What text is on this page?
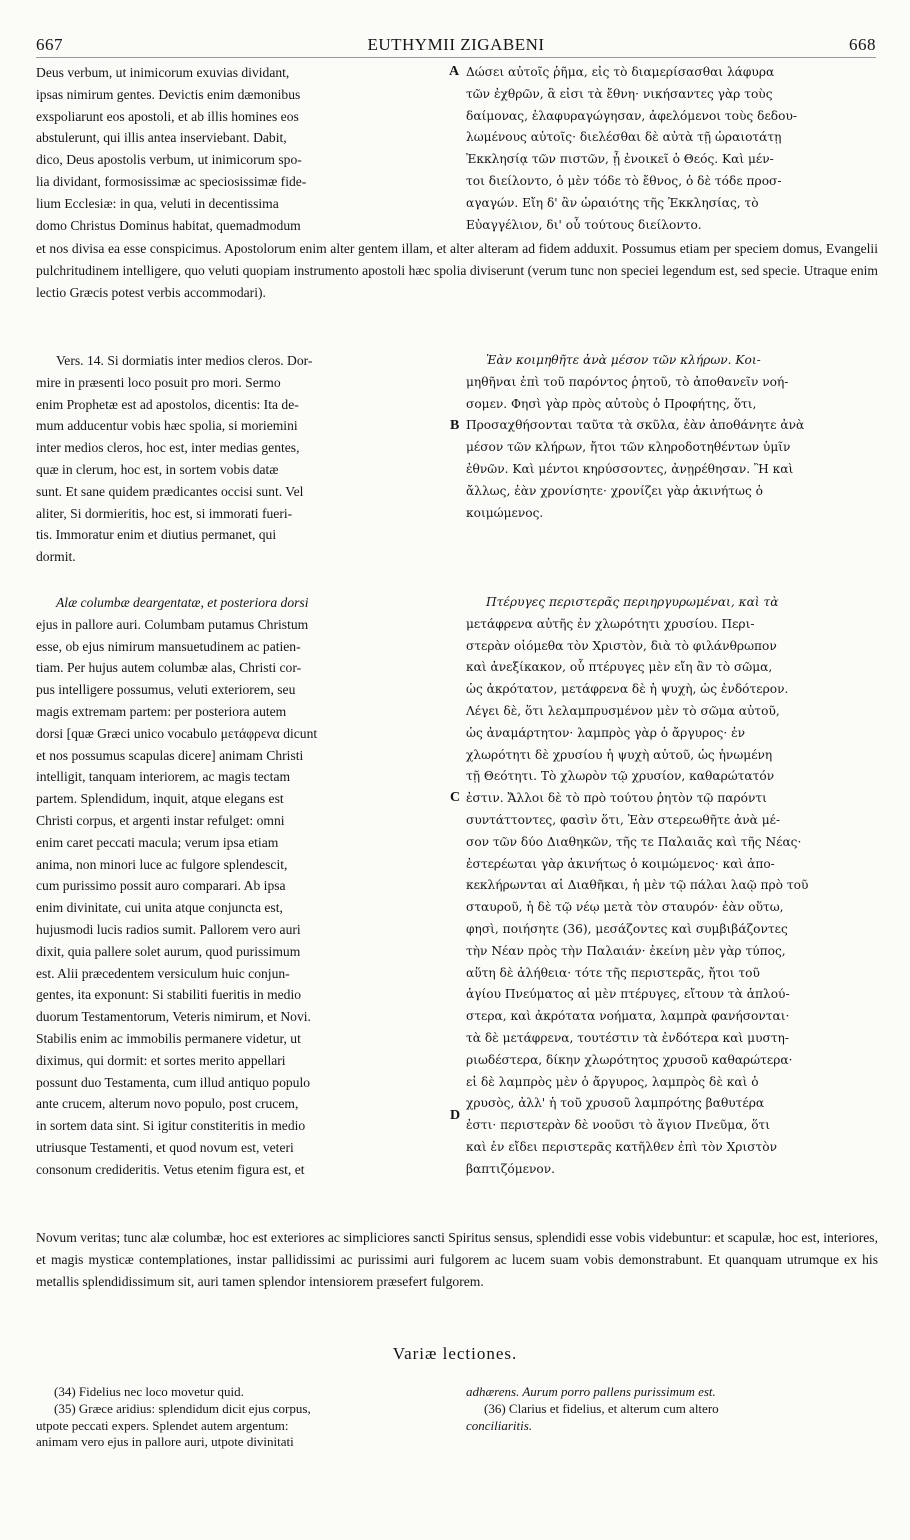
667	EUTHYMII ZIGABENI	668
Deus verbum, ut inimicorum exuvias dividant,
ipsas nimirum gentes. Devictis enim dæmonibus
exspoliarunt eos apostoli, et ab illis homines eos
abstulerunt, qui illis antea inserviebant. Dabit,
dico, Deus apostolis verbum, ut inimicorum spo-
lia dividant, formosissimæ ac speciosissimæ fide-
lium Ecclesiæ: in qua, veluti in decentissima
domo Christus Dominus habitat, quemadmodum
A Δώσει αὐτοῖς ῥῆμα, εἰς τὸ διαμερίσασθαι λάφυρα
τῶν ἐχθρῶν, ἃ εἰσι τὰ ἔθνη· νικήσαντες γὰρ τοὺς
δαίμονας, ἐλαφυραγώγησαν, ἀφελόμενοι τοὺς δεδου-
λωμένους αὐτοῖς· διελέσθαι δὲ αὐτὰ τῇ ὡραιοτάτῃ
Ἐκκλησίᾳ τῶν πιστῶν, ᾗ ἐνοικεῖ ὁ Θεός. Καὶ μέν-
τοι διείλοντο, ὁ μὲν τόδε τὸ ἔθνος, ὁ δὲ τόδε προσ-
αγαγών. Εἴη δ' ἂν ὡραιότης τῆς Ἐκκλησίας, τὸ
Εὐαγγέλιον, δι' οὗ τούτους διείλοντο.

et nos divisa ea esse conspicimus. Apostolorum enim alter gentem illam, et alter alteram ad fidem adduxit. Possumus etiam per speciem domus, Evangelii pulchritudinem intelligere, quo veluti quopiam instrumento apostoli hæc spolia diviserunt (verum tunc non speciei legendum est, sed specie. Utraque enim lectio Græcis potest verbis accommodari).

Vers. 14. Si dormiatis inter medios cleros. Dor-
mire in præsenti loco posuit pro mori. Sermo
enim Prophetæ est ad apostolos, dicentis: Ita de-
mum adducentur vobis hæc spolia, si moriemini
inter medios cleros, hoc est, inter medias gentes,
quæ in clerum, hoc est, in sortem vobis datæ
sunt. Et sane quidem prædicantes occisi sunt. Vel
aliter, Si dormieritis, hoc est, si immorati fueri-
tis. Immoratur enim et diutius permanet, qui
dormit.
B
Ἐὰν κοιμηθῆτε ἀνὰ μέσον τῶν κλήρων. Κοι-
μηθῆναι ἐπὶ τοῦ παρόντος ῥητοῦ, τὸ ἀποθανεῖν νοή-
σομεν. Φησὶ γὰρ πρὸς αὐτοὺς ὁ Προφήτης, ὅτι,
Προσαχθήσονται ταῦτα τὰ σκῦλα, ἐὰν ἀποθάνητε ἀνὰ
μέσον τῶν κλήρων, ἤτοι τῶν κληροδοτηθέντων ὑμῖν
ἐθνῶν. Καὶ μέντοι κηρύσσοντες, ἀνῃρέθησαν. Ἢ καὶ
ἄλλως, ἐὰν χρονίσητε· χρονίζει γὰρ ἀκινήτως ὁ
κοιμώμενος.
Alæ columbæ deargentatæ, et posteriora dorsi
ejus in pallore auri. Columbam putamus Christum
esse, ob ejus nimirum mansuetudinem ac patien-
tiam. Per hujus autem columbæ alas, Christi cor-
pus intelligere possumus, veluti exteriorem, seu
magis extremam partem: per posteriora autem
dorsi [quæ Græci unico vocabulo μετάφρενα dicunt
et nos possumus scapulas dicere] animam Christi
intelligit, tanquam interiorem, ac magis tectam
partem. Splendidum, inquit, atque elegans est
Christi corpus, et argenti instar refulget: omni
enim caret peccati macula; verum ipsa etiam
anima, non minori luce ac fulgore splendescit,
cum purissimo possit auro comparari. Ab ipsa
enim divinitate, cui unita atque conjuncta est,
hujusmodi lucis radios sumit. Pallorem vero auri
dixit, quia pallere solet aurum, quod purissimum
est. Alii præcedentem versiculum huic conjun-
gentes, ita exponunt: Si stabiliti fueritis in medio
duorum Testamentorum, Veteris nimirum, et Novi.
Stabilis enim ac immobilis permanere videtur, ut
diximus, qui dormit: et sortes merito appellari
possunt duo Testamenta, cum illud antiquo populo
ante crucem, alterum novo populo, post crucem,
in sortem data sint. Si igitur constiteritis in medio
utriusque Testamenti, et quod novum est, veteri
consonum credideritis. Vetus etenim figura est, et
C
D
Πτέρυγες περιστερᾶς περιηργυρωμέναι, καὶ τὰ
μετάφρενα αὐτῆς ἐν χλωρότητι χρυσίου. Περι-
στερὰν οἰόμεθα τὸν Χριστὸν, διὰ τὸ φιλάνθρωπον
καὶ ἀνεξίκακον, οὗ πτέρυγες μὲν εἴη ἂν τὸ σῶμα,
ὡς ἀκρότατον, μετάφρενα δὲ ἡ ψυχὴ, ὡς ἐνδότερον.
Λέγει δὲ, ὅτι λελαμπρυσμένον μὲν τὸ σῶμα αὐτοῦ,
ὡς ἀναμάρτητον· λαμπρὸς γὰρ ὁ ἄργυρος· ἐν
χλωρότητι δὲ χρυσίου ἡ ψυχὴ αὐτοῦ, ὡς ἡνωμένη
τῇ Θεότητι. Τὸ χλωρὸν τῷ χρυσίον, καθαρώτατόν
ἐστιν. Ἄλλοι δὲ τὸ πρὸ τούτου ῥητὸν τῷ παρόντι
συντάττοντες, φασὶν ὅτι, Ἐὰν στερεωθῆτε ἀνὰ μέ-
σον τῶν δύο Διαθηκῶν, τῆς τε Παλαιᾶς καὶ τῆς Νέας·
ἐστερέωται γὰρ ἀκινήτως ὁ κοιμώμενος· καὶ ἀπο-
κεκλήρωνται αἱ Διαθῆκαι, ἡ μὲν τῷ πάλαι λαῷ πρὸ τοῦ
σταυροῦ, ἡ δὲ τῷ νέῳ μετὰ τὸν σταυρόν· ἐὰν οὕτω,
φησὶ, ποιήσητε (36), μεσάζοντες καὶ συμβιβάζοντες
τὴν Νέαν πρὸς τὴν Παλαιάν· ἐκείνη μὲν γὰρ τύπος,
αὕτη δὲ ἀλήθεια· τότε τῆς περιστερᾶς, ἤτοι τοῦ
ἁγίου Πνεύματος αἱ μὲν πτέρυγες, εἴτουν τὰ ἁπλού-
στερα, καὶ ἀκρότατα νοήματα, λαμπρὰ φανήσονται·
τὰ δὲ μετάφρενα, τουτέστιν τὰ ἐνδότερα καὶ μυστη-
ριωδέστερα, δίκην χλωρότητος χρυσοῦ καθαρώτερα·
εἰ δὲ λαμπρὸς μὲν ὁ ἄργυρος, λαμπρὸς δὲ καὶ ὁ
χρυσὸς, ἀλλ' ἡ τοῦ χρυσοῦ λαμπρότης βαθυτέρα
ἐστι· περιστερὰν δὲ νοοῦσι τὸ ἅγιον Πνεῦμα, ὅτι
καὶ ἐν εἴδει περιστερᾶς κατῆλθεν ἐπὶ τὸν Χριστὸν
βαπτιζόμενον.

Novum veritas; tunc alæ columbæ, hoc est exteriores ac simpliciores sancti Spiritus sensus, splendidi esse vobis videbuntur: et scapulæ, hoc est, interiores, et magis mysticæ contemplationes, instar pallidissimi ac purissimi auri fulgorem ac lucem suam vobis demonstrabunt. Et quanquam utrumque ex his metallis splendidissimum sit, auri tamen splendor intensiorem præsefert fulgorem.

Variæ lectiones.

(34) Fidelius nec loco movetur quid.

(35) Græce aridius: splendidum dicit ejus corpus,

utpote peccati expers. Splendet autem argentum:

animam vero ejus in pallore auri, utpote divinitati

adhærens. Aurum porro pallens purissimum est.

(36) Clarius et fidelius, et alterum cum altero

conciliaritis.
